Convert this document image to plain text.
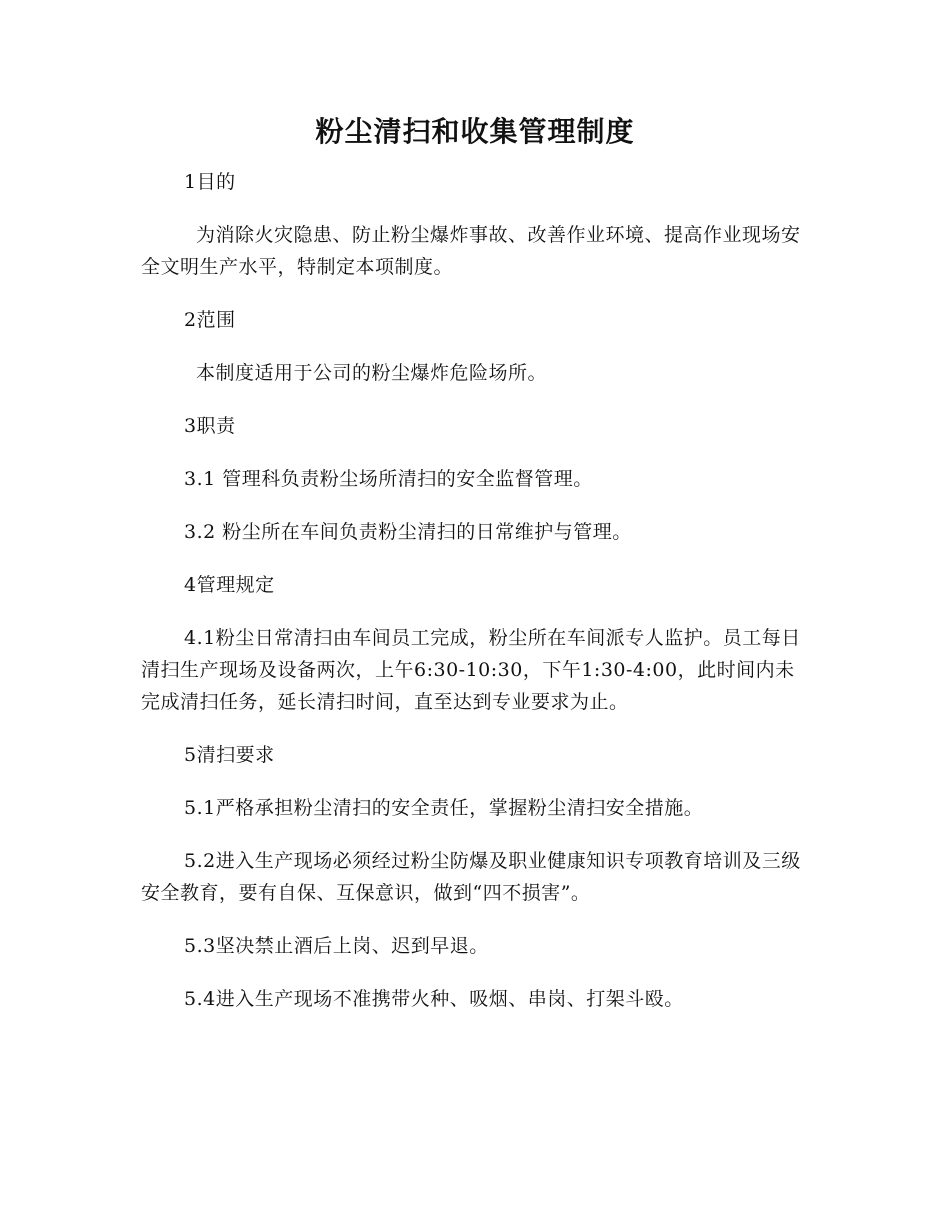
粉尘清扫和收集管理制度

1目的

为消除火灾隐患、防止粉尘爆炸事故、改善作业环境、提高作业现场安全文明生产水平，特制定本项制度。

2范围

本制度适用于公司的粉尘爆炸危险场所。

3职责

3.1 管理科负责粉尘场所清扫的安全监督管理。

3.2 粉尘所在车间负责粉尘清扫的日常维护与管理。

4管理规定

4.1粉尘日常清扫由车间员工完成，粉尘所在车间派专人监护。员工每日清扫生产现场及设备两次，上午6:30-10:30，下午1:30-4:00，此时间内未完成清扫任务，延长清扫时间，直至达到专业要求为止。

5清扫要求

5.1严格承担粉尘清扫的安全责任，掌握粉尘清扫安全措施。

5.2进入生产现场必须经过粉尘防爆及职业健康知识专项教育培训及三级安全教育，要有自保、互保意识，做到“四不损害”。

5.3坚决禁止酒后上岗、迟到早退。

5.4进入生产现场不准携带火种、吸烟、串岗、打架斗殴。
